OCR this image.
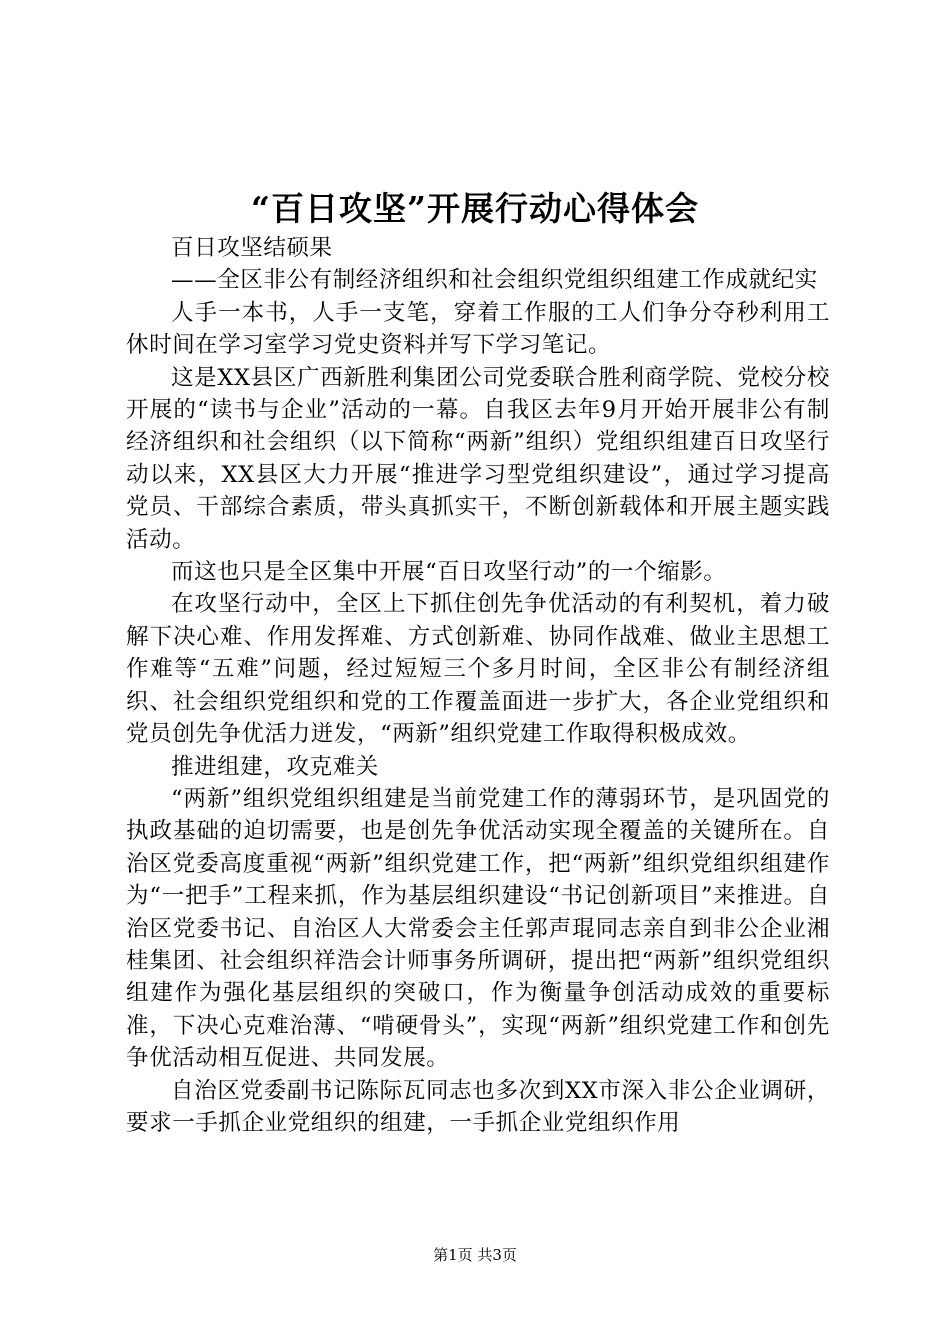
“百日攻坚”开展行动心得体会

百日攻坚结硕果

——全区非公有制经济组织和社会组织党组织组建工作成就纪实

人手一本书，人手一支笔，穿着工作服的工人们争分夺秒利用工休时间在学习室学习党史资料并写下学习笔记。

这是XX县区广西新胜利集团公司党委联合胜利商学院、党校分校开展的“读书与企业”活动的一幕。自我区去年9月开始开展非公有制经济组织和社会组织（以下简称“两新”组织）党组织组建百日攻坚行动以来，XX县区大力开展“推进学习型党组织建设”，通过学习提高党员、干部综合素质，带头真抓实干，不断创新载体和开展主题实践活动。

而这也只是全区集中开展“百日攻坚行动”的一个缩影。

在攻坚行动中，全区上下抓住创先争优活动的有利契机，着力破解下决心难、作用发挥难、方式创新难、协同作战难、做业主思想工作难等“五难”问题，经过短短三个多月时间，全区非公有制经济组织、社会组织党组织和党的工作覆盖面进一步扩大，各企业党组织和党员创先争优活力迸发，“两新”组织党建工作取得积极成效。

推进组建，攻克难关

“两新”组织党组织组建是当前党建工作的薄弱环节，是巩固党的执政基础的迫切需要，也是创先争优活动实现全覆盖的关键所在。自治区党委高度重视“两新”组织党建工作，把“两新”组织党组织组建作为“一把手”工程来抓，作为基层组织建设“书记创新项目”来推进。自治区党委书记、自治区人大常委会主任郭声琨同志亲自到非公企业湘桂集团、社会组织祥浩会计师事务所调研，提出把“两新”组织党组织组建作为强化基层组织的突破口，作为衡量争创活动成效的重要标准，下决心克难治薄、“啃硬骨头”，实现“两新”组织党建工作和创先争优活动相互促进、共同发展。

自治区党委副书记陈际瓦同志也多次到XX市深入非公企业调研，要求一手抓企业党组织的组建，一手抓企业党组织作用

第1页 共3页
